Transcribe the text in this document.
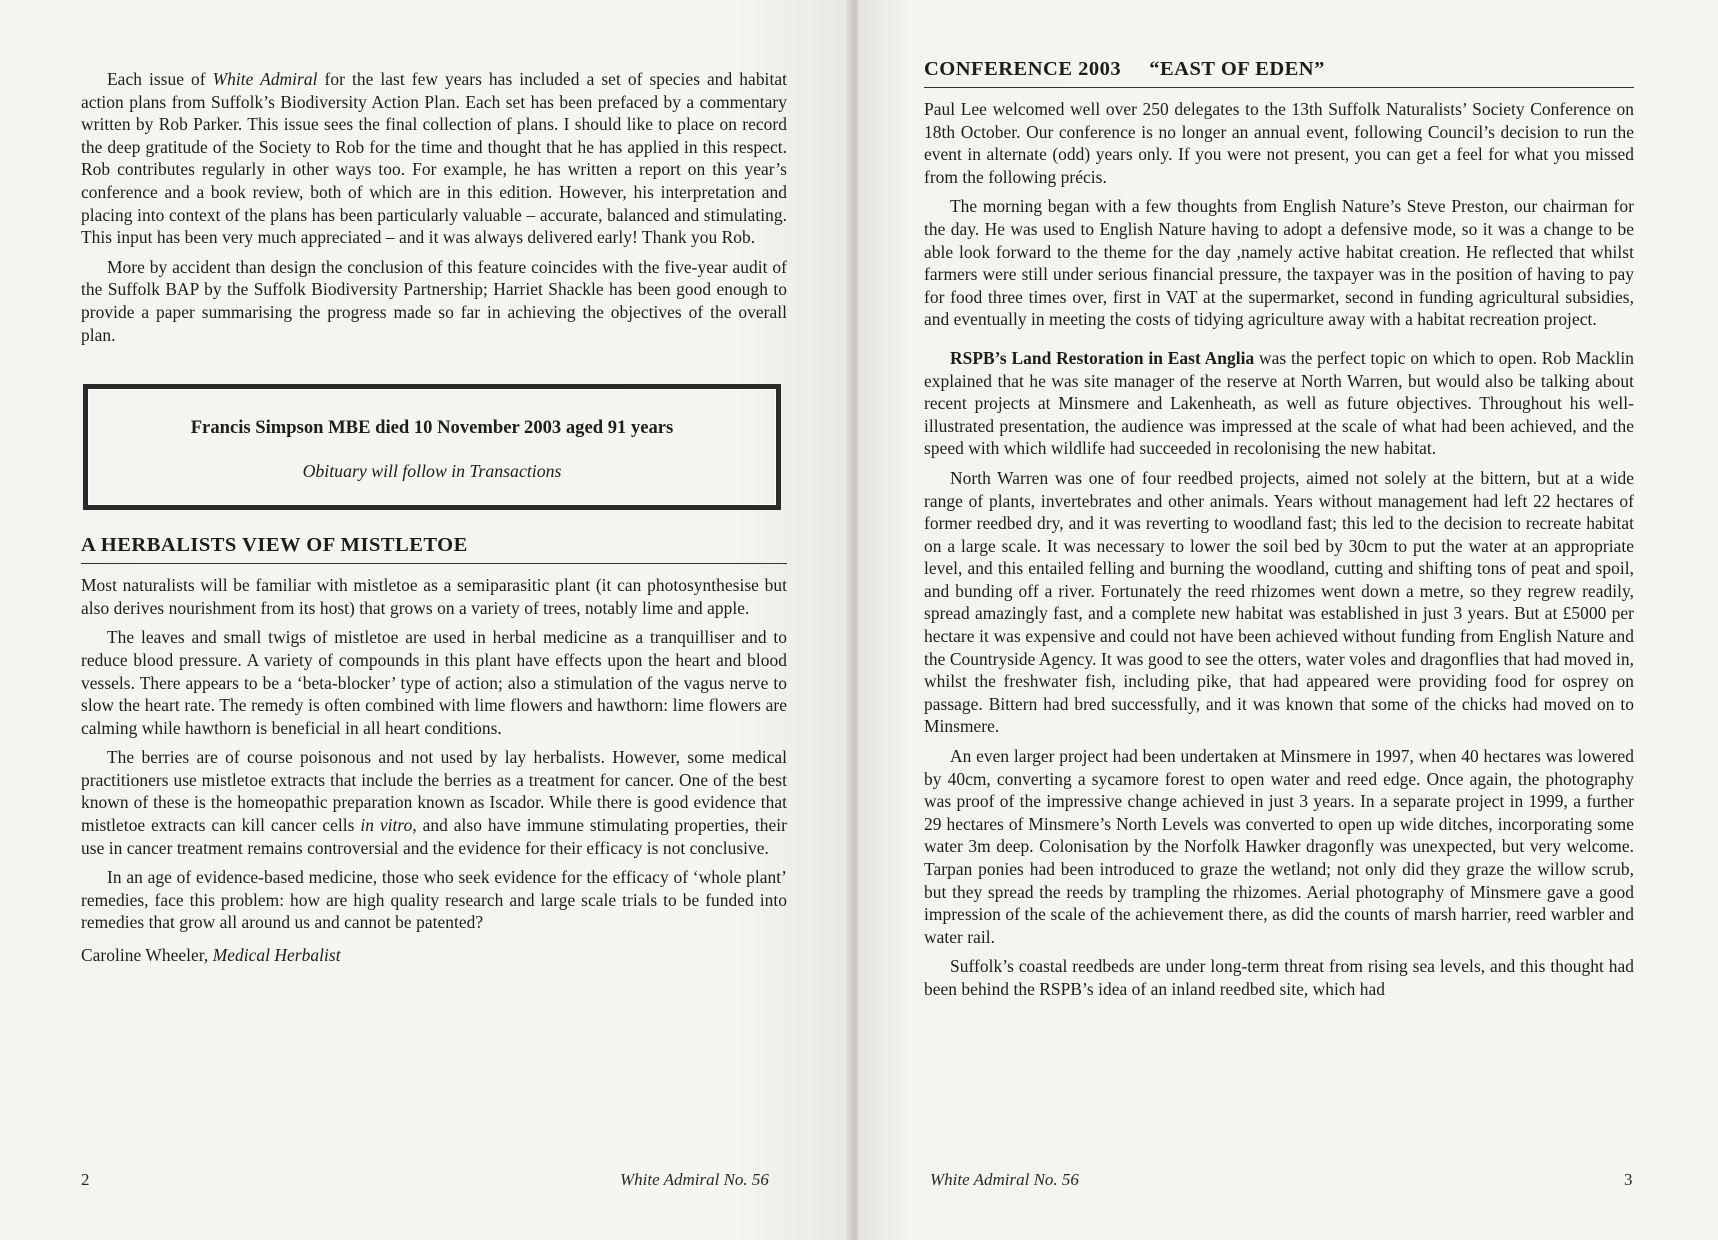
Each issue of White Admiral for the last few years has included a set of species and habitat action plans from Suffolk’s Biodiversity Action Plan. Each set has been prefaced by a commentary written by Rob Parker. This issue sees the final collection of plans. I should like to place on record the deep gratitude of the Society to Rob for the time and thought that he has applied in this respect. Rob contributes regularly in other ways too. For example, he has written a report on this year’s conference and a book review, both of which are in this edition. However, his interpretation and placing into context of the plans has been particularly valuable – accurate, balanced and stimulating. This input has been very much appreciated – and it was always delivered early! Thank you Rob.

More by accident than design the conclusion of this feature coincides with the five-year audit of the Suffolk BAP by the Suffolk Biodiversity Partnership; Harriet Shackle has been good enough to provide a paper summarising the progress made so far in achieving the objectives of the overall plan.

Francis Simpson MBE died 10 November 2003 aged 91 years
Obituary will follow in Transactions
A HERBALISTS VIEW OF MISTLETOE

Most naturalists will be familiar with mistletoe as a semiparasitic plant (it can photosynthesise but also derives nourishment from its host) that grows on a variety of trees, notably lime and apple.

The leaves and small twigs of mistletoe are used in herbal medicine as a tranquilliser and to reduce blood pressure. A variety of compounds in this plant have effects upon the heart and blood vessels. There appears to be a ‘beta-blocker’ type of action; also a stimulation of the vagus nerve to slow the heart rate. The remedy is often combined with lime flowers and hawthorn: lime flowers are calming while hawthorn is beneficial in all heart conditions.

The berries are of course poisonous and not used by lay herbalists. However, some medical practitioners use mistletoe extracts that include the berries as a treatment for cancer. One of the best known of these is the homeopathic preparation known as Iscador. While there is good evidence that mistletoe extracts can kill cancer cells in vitro, and also have immune stimulating properties, their use in cancer treatment remains controversial and the evidence for their efficacy is not conclusive.

In an age of evidence-based medicine, those who seek evidence for the efficacy of ‘whole plant’ remedies, face this problem: how are high quality research and large scale trials to be funded into remedies that grow all around us and cannot be patented?

Caroline Wheeler, Medical Herbalist

2	White Admiral No. 56
CONFERENCE 2003     “EAST OF EDEN”

Paul Lee welcomed well over 250 delegates to the 13th Suffolk Naturalists’ Society Conference on 18th October. Our conference is no longer an annual event, following Council’s decision to run the event in alternate (odd) years only. If you were not present, you can get a feel for what you missed from the following précis.

The morning began with a few thoughts from English Nature’s Steve Preston, our chairman for the day. He was used to English Nature having to adopt a defensive mode, so it was a change to be able look forward to the theme for the day ,namely active habitat creation. He reflected that whilst farmers were still under serious financial pressure, the taxpayer was in the position of having to pay for food three times over, first in VAT at the supermarket, second in funding agricultural subsidies, and eventually in meeting the costs of tidying agriculture away with a habitat recreation project.

RSPB’s Land Restoration in East Anglia was the perfect topic on which to open. Rob Macklin explained that he was site manager of the reserve at North Warren, but would also be talking about recent projects at Minsmere and Lakenheath, as well as future objectives. Throughout his well-illustrated presentation, the audience was impressed at the scale of what had been achieved, and the speed with which wildlife had succeeded in recolonising the new habitat.

North Warren was one of four reedbed projects, aimed not solely at the bittern, but at a wide range of plants, invertebrates and other animals. Years without management had left 22 hectares of former reedbed dry, and it was reverting to woodland fast; this led to the decision to recreate habitat on a large scale. It was necessary to lower the soil bed by 30cm to put the water at an appropriate level, and this entailed felling and burning the woodland, cutting and shifting tons of peat and spoil, and bunding off a river. Fortunately the reed rhizomes went down a metre, so they regrew readily, spread amazingly fast, and a complete new habitat was established in just 3 years. But at £5000 per hectare it was expensive and could not have been achieved without funding from English Nature and the Countryside Agency. It was good to see the otters, water voles and dragonflies that had moved in, whilst the freshwater fish, including pike, that had appeared were providing food for osprey on passage. Bittern had bred successfully, and it was known that some of the chicks had moved on to Minsmere.

An even larger project had been undertaken at Minsmere in 1997, when 40 hectares was lowered by 40cm, converting a sycamore forest to open water and reed edge. Once again, the photography was proof of the impressive change achieved in just 3 years. In a separate project in 1999, a further 29 hectares of Minsmere’s North Levels was converted to open up wide ditches, incorporating some water 3m deep. Colonisation by the Norfolk Hawker dragonfly was unexpected, but very welcome. Tarpan ponies had been introduced to graze the wetland; not only did they graze the willow scrub, but they spread the reeds by trampling the rhizomes. Aerial photography of Minsmere gave a good impression of the scale of the achievement there, as did the counts of marsh harrier, reed warbler and water rail.

Suffolk’s coastal reedbeds are under long-term threat from rising sea levels, and this thought had been behind the RSPB’s idea of an inland reedbed site, which had

White Admiral No. 56	3
